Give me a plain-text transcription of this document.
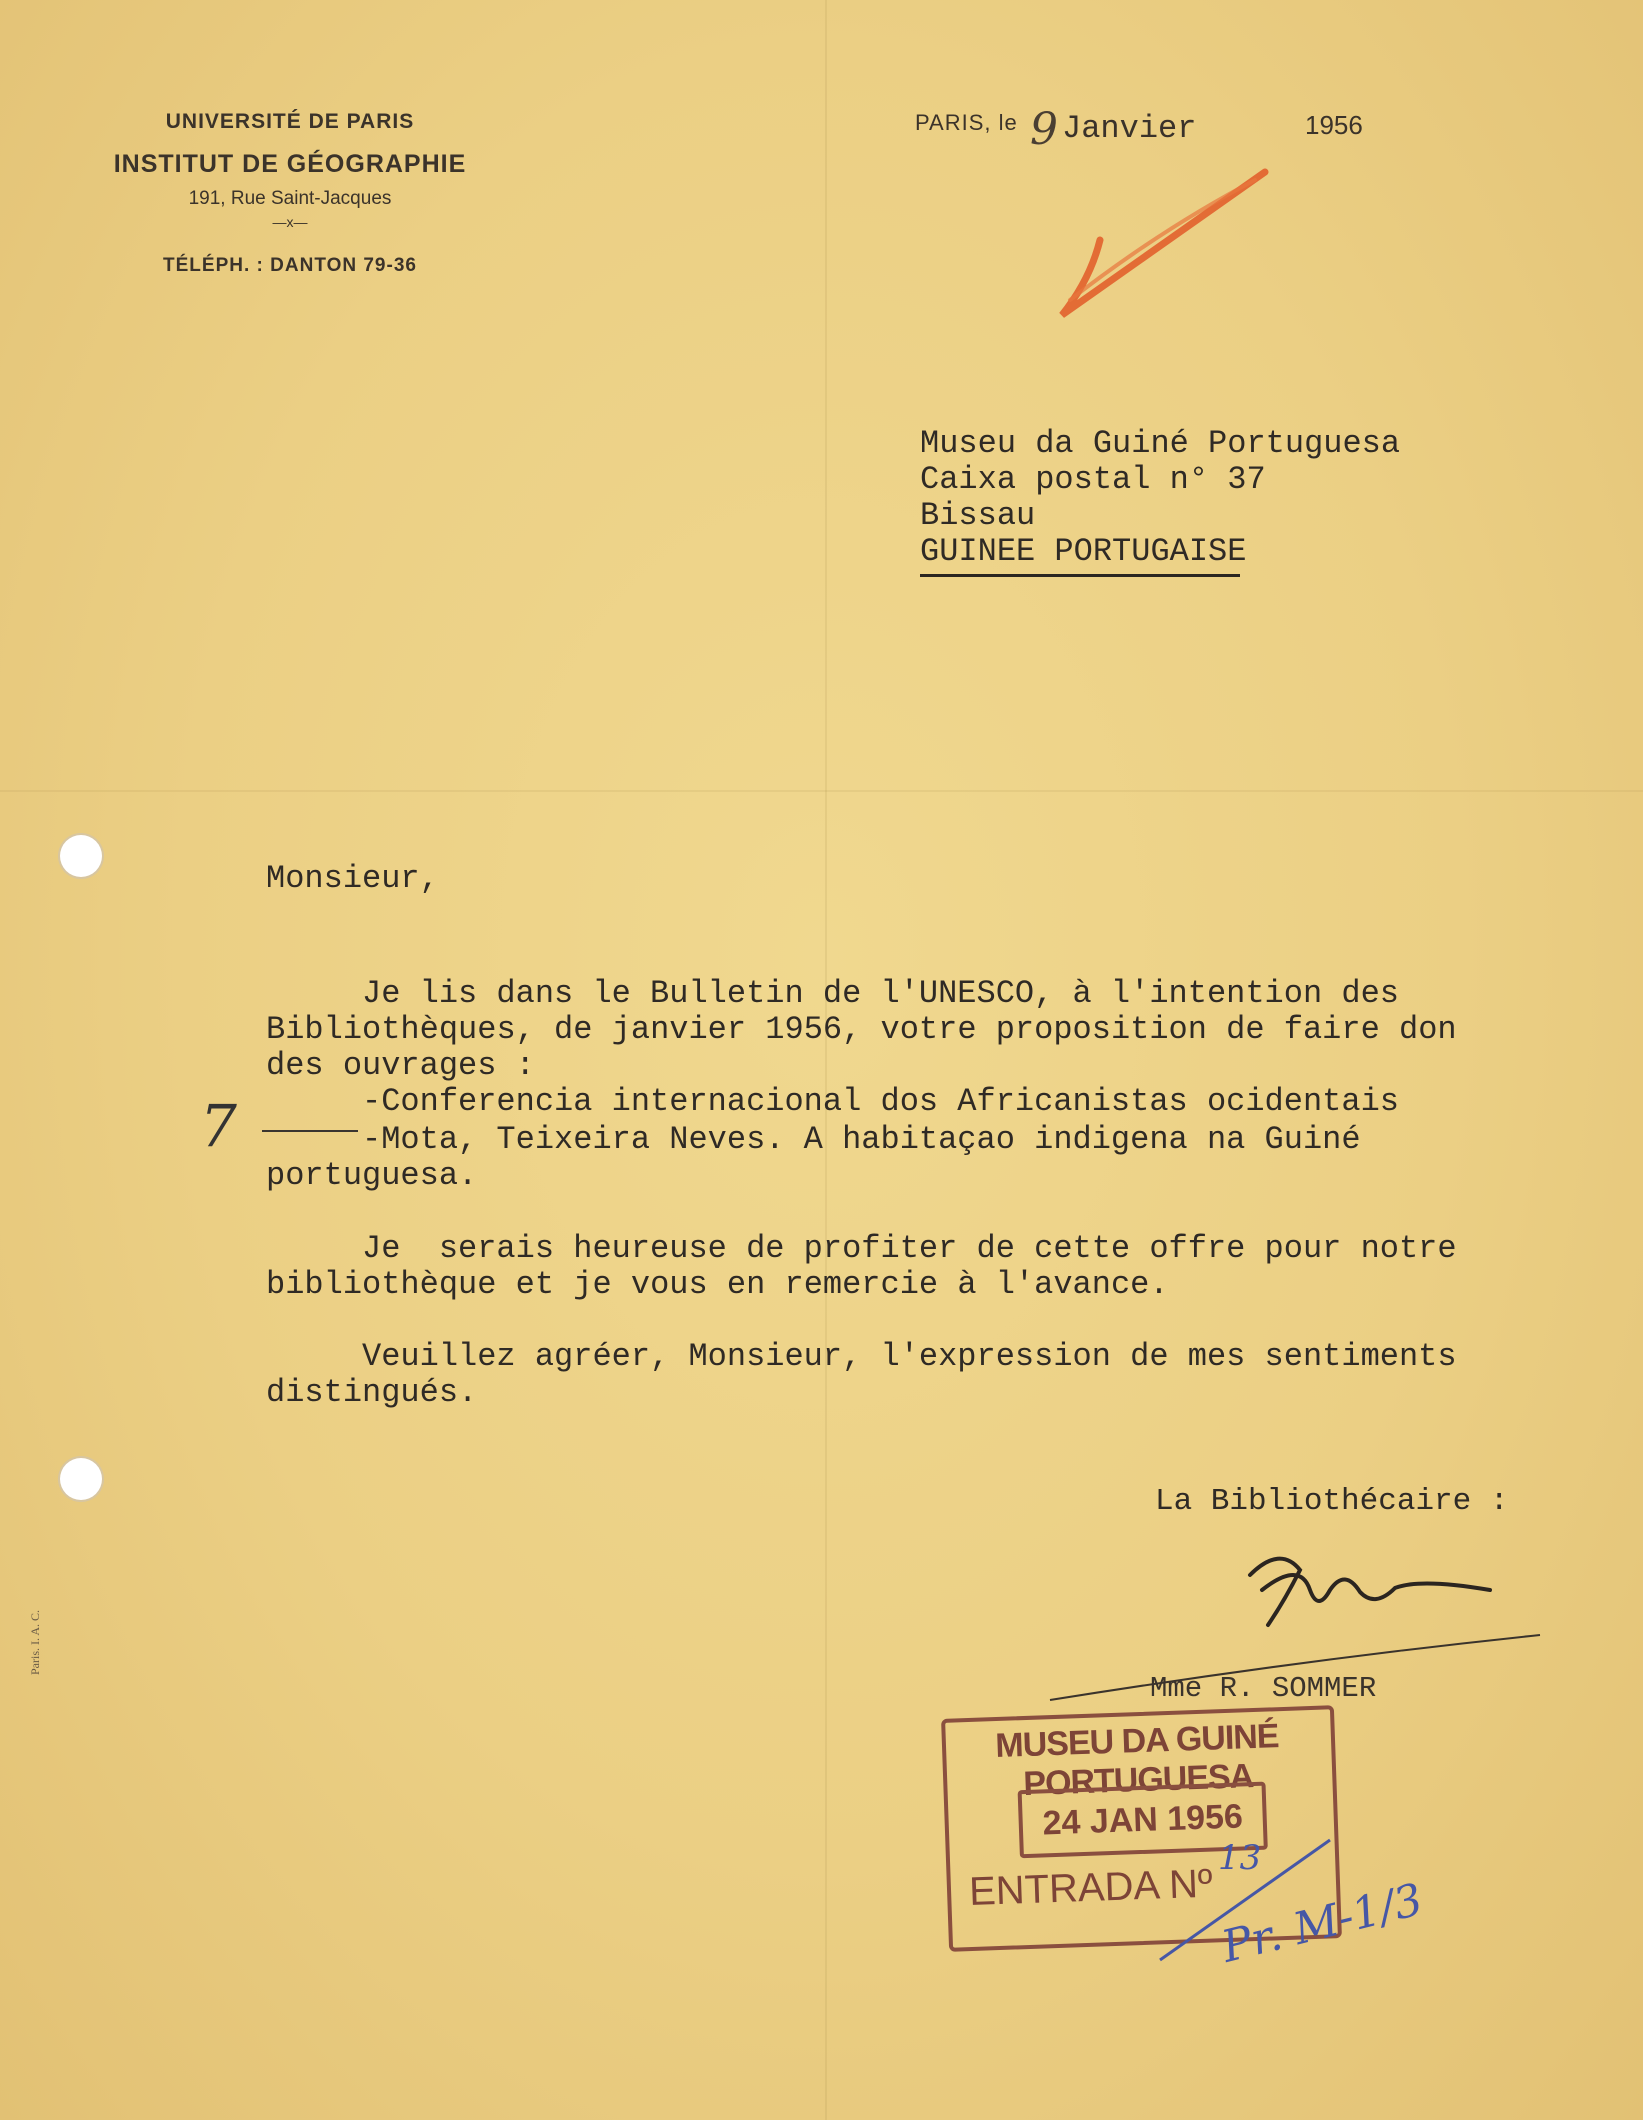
UNIVERSITÉ DE PARIS
INSTITUT DE GÉOGRAPHIE
191, Rue Saint-Jacques
—x—
TÉLÉPH. : DANTON 79-36
PARIS, le 9 Janvier	1956
Museu da Guiné Portuguesa
Caixa postal n° 37
Bissau
GUINEE PORTUGAISE
Monsieur,
Je lis dans le Bulletin de l'UNESCO, à l'intention des
Bibliothèques, de janvier 1956, votre proposition de faire don
des ouvrages :
-Conferencia internacional dos Africanistas ocidentais
-Mota, Teixeira Neves. A habitaçao indigena na Guiné
portuguesa.
Je  serais heureuse de profiter de cette offre pour notre
bibliothèque et je vous en remercie à l'avance.
Veuillez agréer, Monsieur, l'expression de mes sentiments
distingués.
7
La Bibliothécaire :
Mme R. SOMMER
Paris. I. A. C.
MUSEU DA GUINÉ PORTUGUESA
24 JAN 1956
ENTRADA Nº
13
Pr. M-1/3
